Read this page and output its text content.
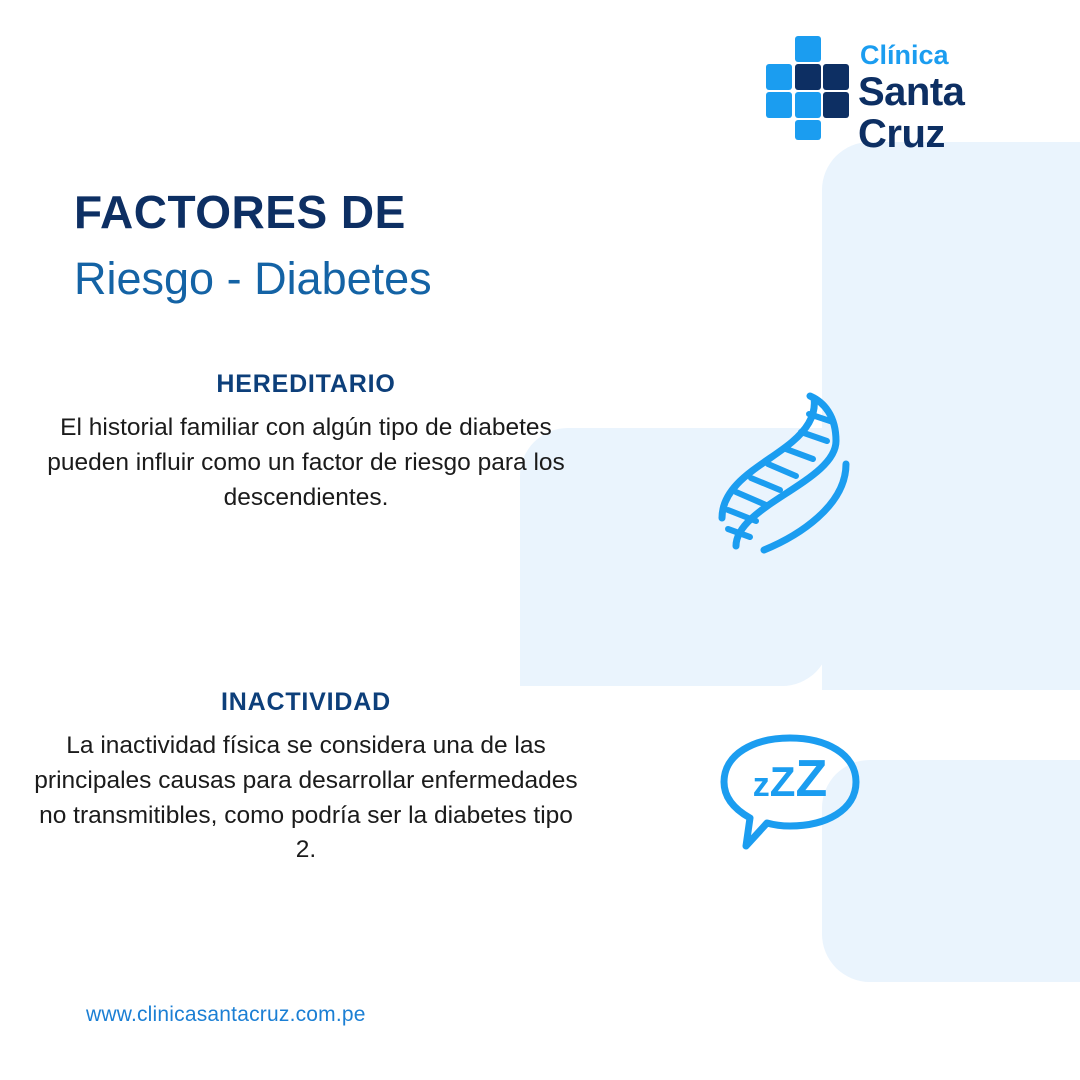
Clínica
Santa Cruz
FACTORES DE
Riesgo - Diabetes
HEREDITARIO
El historial familiar con algún tipo de diabetes pueden influir como un factor de riesgo para los descendientes.
INACTIVIDAD
La inactividad física se considera una de las principales causas para desarrollar enfermedades no transmitibles, como podría ser la diabetes tipo 2.
zZZ
www.clinicasantacruz.com.pe
